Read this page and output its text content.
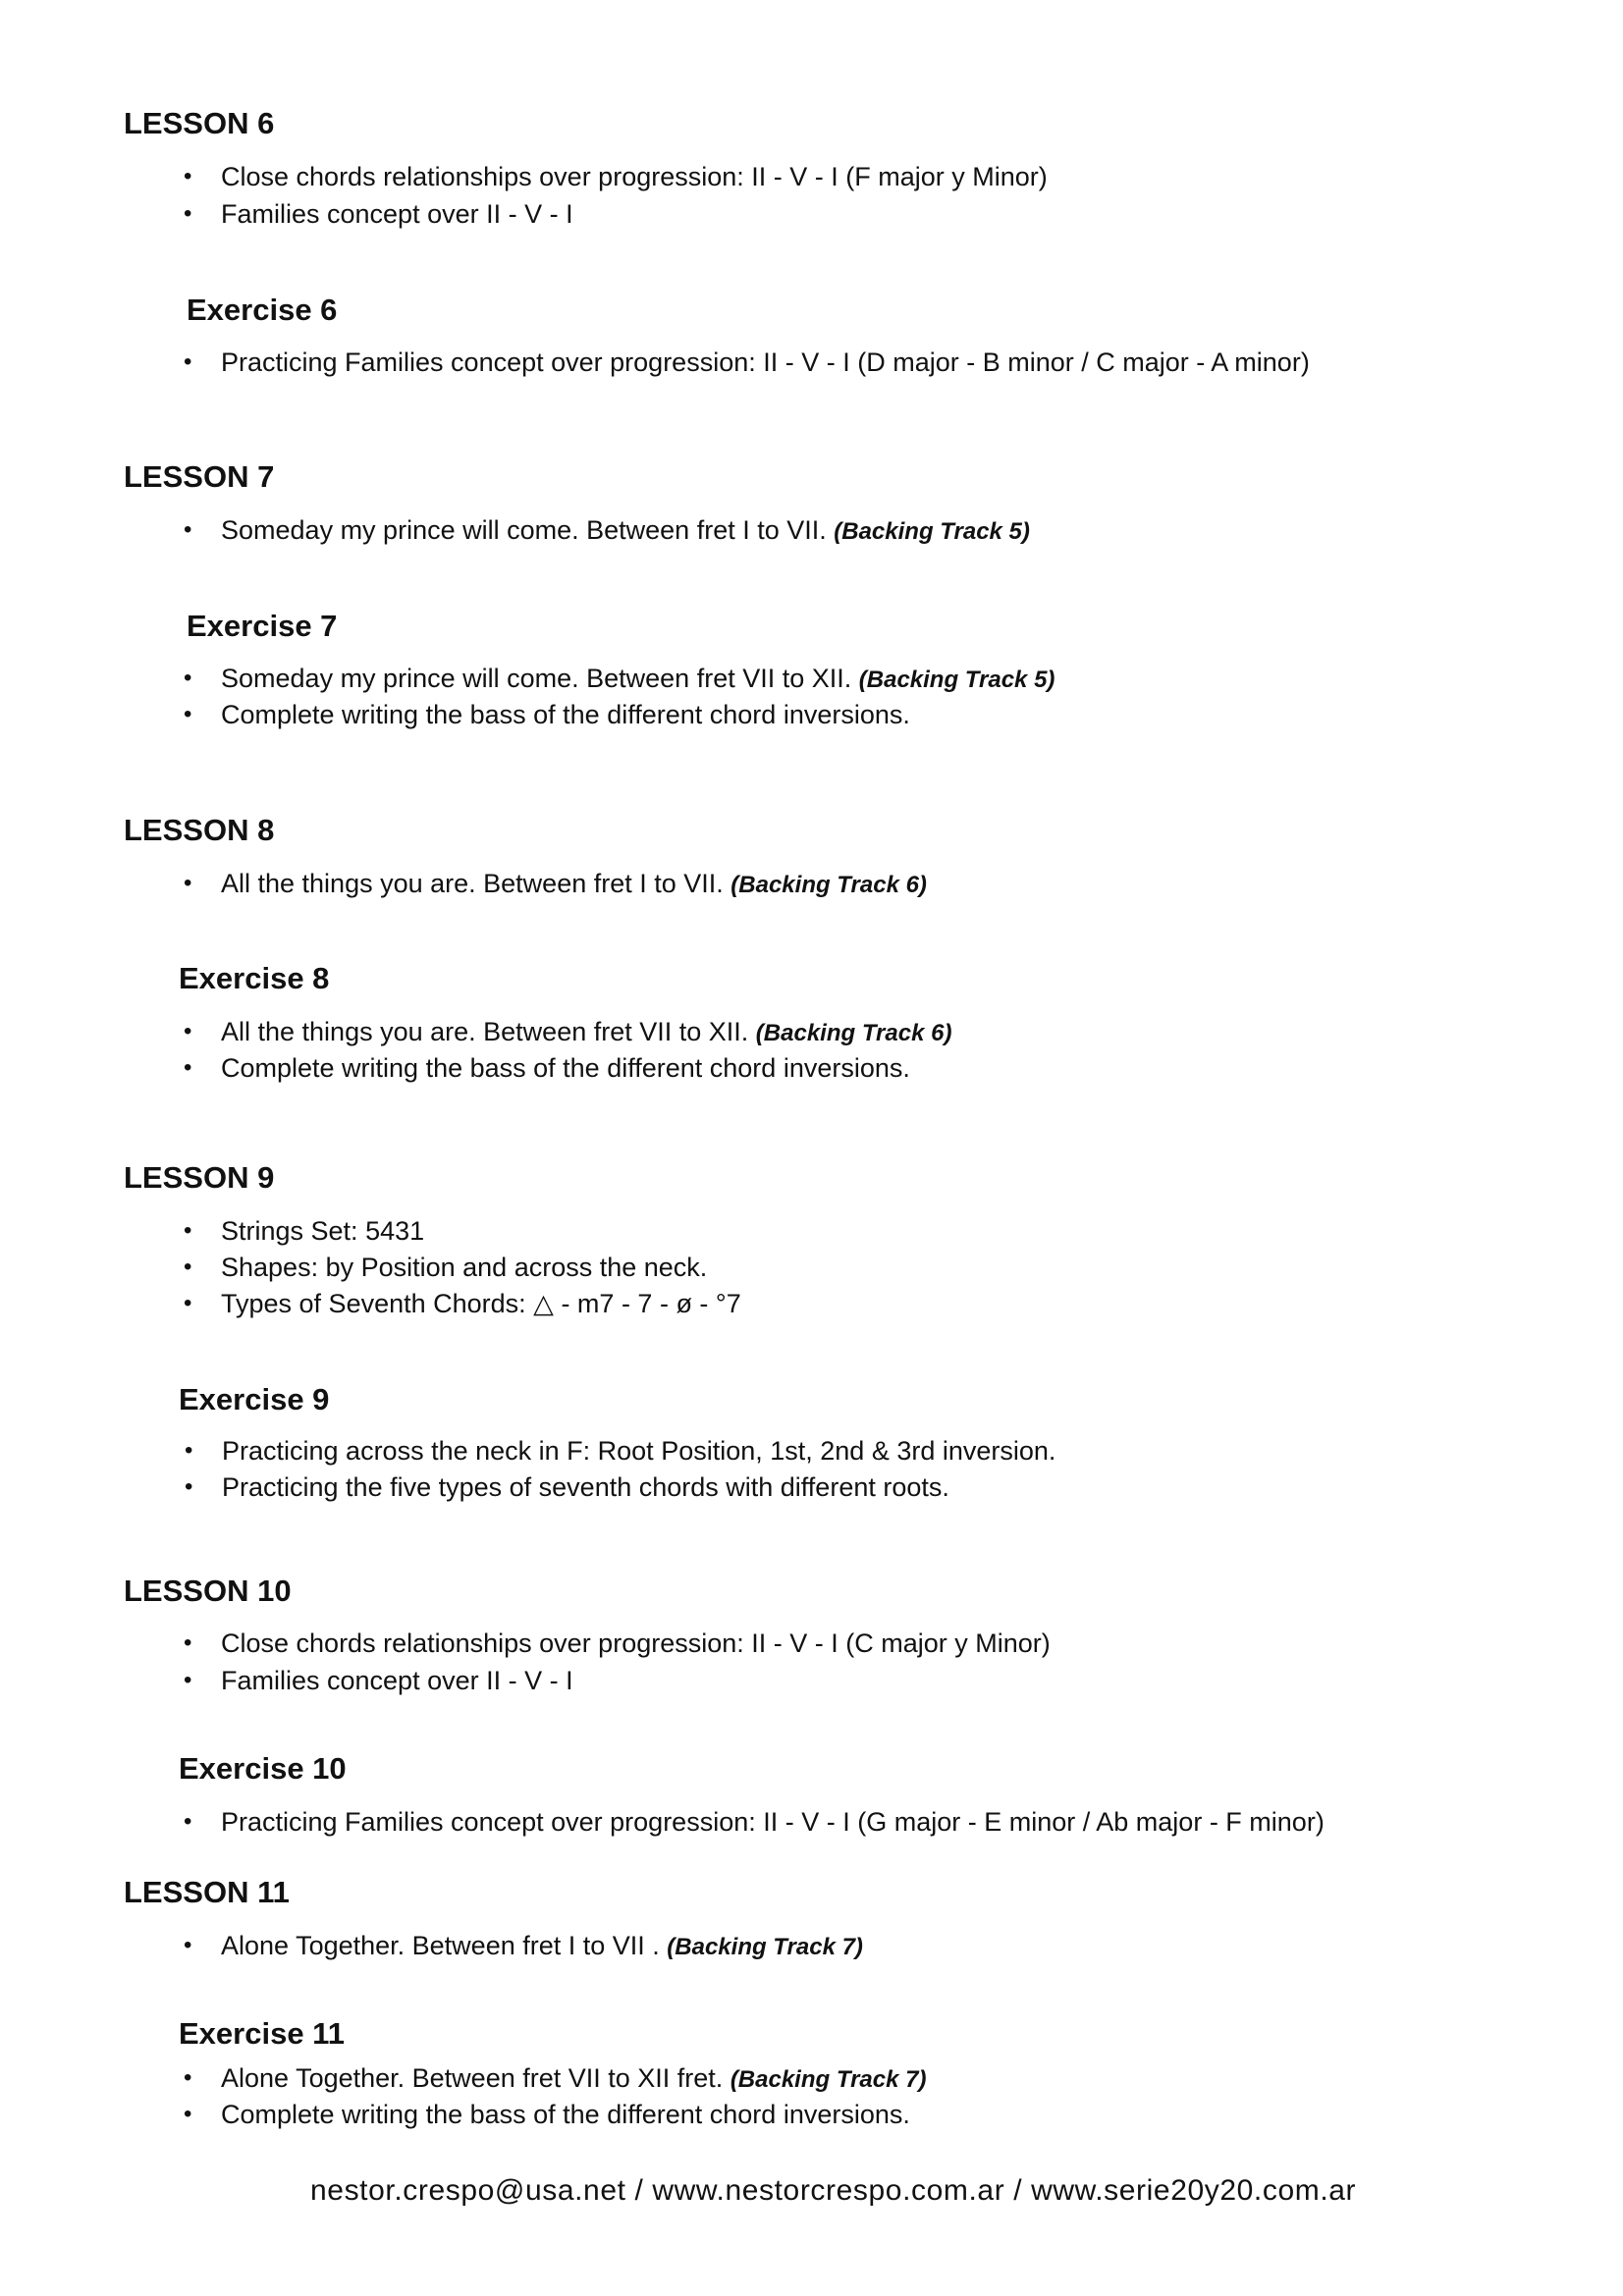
LESSON 6
• Close chords relationships over progression: II - V - I (F major y Minor)
• Families concept over II - V - I
Exercise 6
• Practicing Families concept over progression: II - V - I (D major - B minor / C major - A minor)
LESSON 7
• Someday my prince will come. Between fret I to VII. (Backing Track 5)
Exercise 7
• Someday my prince will come. Between fret VII to XII. (Backing Track 5)
• Complete writing the bass of the different chord inversions.
LESSON 8
• All the things you are. Between fret I to VII. (Backing Track 6)
Exercise 8
• All the things you are. Between fret VII to XII. (Backing Track 6)
• Complete writing the bass of the different chord inversions.
LESSON 9
• Strings Set: 5431
• Shapes: by Position and across the neck.
• Types of Seventh Chords: △ - m7 - 7 - ø - °7
Exercise 9
• Practicing across the neck in F: Root Position, 1st, 2nd & 3rd inversion.
• Practicing the five types of seventh chords with different roots.
LESSON 10
• Close chords relationships over progression: II - V - I (C major y Minor)
• Families concept over II - V - I
Exercise 10
• Practicing Families concept over progression: II - V - I (G major - E minor / Ab major - F minor)
LESSON 11
• Alone Together. Between fret I to VII . (Backing Track 7)
Exercise 11
• Alone Together. Between fret VII to XII fret. (Backing Track 7)
• Complete writing the bass of the different chord inversions.
nestor.crespo@usa.net / www.nestorcrespo.com.ar / www.serie20y20.com.ar
